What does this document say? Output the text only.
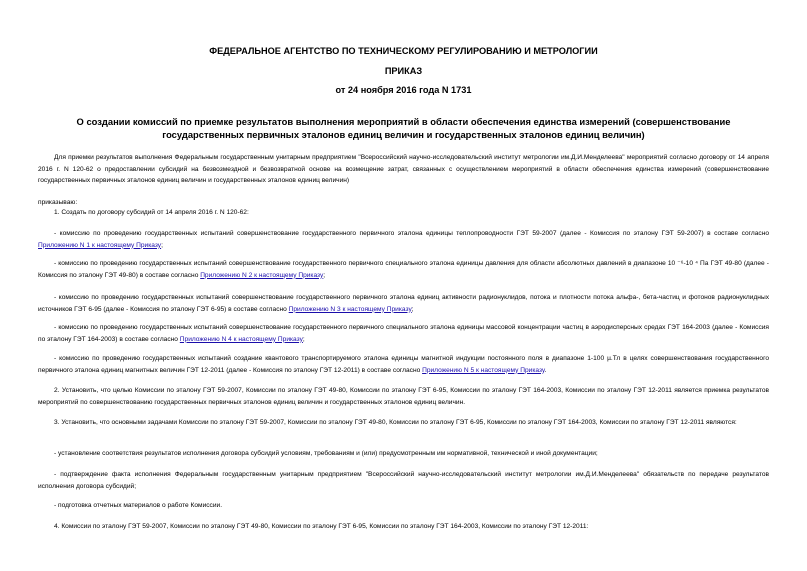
ФЕДЕРАЛЬНОЕ АГЕНТСТВО ПО ТЕХНИЧЕСКОМУ РЕГУЛИРОВАНИЮ И МЕТРОЛОГИИ
ПРИКАЗ
от 24 ноября 2016 года N 1731
О создании комиссий по приемке результатов выполнения мероприятий в области обеспечения единства измерений (совершенствование государственных первичных эталонов единиц величин и государственных эталонов единиц величин)
Для приемки результатов выполнения Федеральным государственным унитарным предприятием "Всероссийский научно-исследовательский институт метрологии им.Д.И.Менделеева" мероприятий согласно договору от 14 апреля 2016 г. N 120-62 о предоставлении субсидий на безвозмездной и безвозвратной основе на возмещение затрат, связанных с осуществлением мероприятий в области обеспечения единства измерений (совершенствование государственных первичных эталонов единиц величин и государственных эталонов единиц величин)
приказываю:
1. Создать по договору субсидий от 14 апреля 2016 г. N 120-62:
- комиссию по проведению государственных испытаний совершенствование государственного первичного эталона единицы теплопроводности ГЭТ 59-2007 (далее - Комиссия по эталону ГЭТ 59-2007) в составе согласно Приложению N 1 к настоящему Приказу;
- комиссию по проведению государственных испытаний совершенствование государственного первичного специального эталона единицы давления для области абсолютных давлений в диапазоне 10 ⁻⁶-10 ⁴ Па ГЭТ 49-80 (далее - Комиссия по эталону ГЭТ 49-80) в составе согласно Приложению N 2 к настоящему Приказу;
- комиссию по проведению государственных испытаний совершенствование государственного первичного эталона единиц активности радионуклидов, потока и плотности потока альфа-, бета-частиц и фотонов радионуклидных источников ГЭТ 6-95 (далее - Комиссия по эталону ГЭТ 6-95) в составе согласно Приложению N 3 к настоящему Приказу;
- комиссию по проведению государственных испытаний совершенствование государственного первичного специального эталона единицы массовой концентрации частиц в аэродисперсных средах ГЭТ 164-2003 (далее - Комиссия по эталону ГЭТ 164-2003) в составе согласно Приложению N 4 к настоящему Приказу;
- комиссию по проведению государственных испытаний создание квантового транспортируемого эталона единицы магнитной индукции постоянного поля в диапазоне 1-100 µ.Тл в целях совершенствования государственного первичного эталона единиц магнитных величин ГЭТ 12-2011 (далее - Комиссия по эталону ГЭТ 12-2011) в составе согласно Приложению N 5 к настоящему Приказу.
2. Установить, что целью Комиссии по эталону ГЭТ 59-2007, Комиссии по эталону ГЭТ 49-80, Комиссии по эталону ГЭТ 6-95, Комиссии по эталону ГЭТ 164-2003, Комиссии по эталону ГЭТ 12-2011 является приемка результатов мероприятий по совершенствованию государственных первичных эталонов единиц величин и государственных эталонов единиц величин.
3. Установить, что основными задачами Комиссии по эталону ГЭТ 59-2007, Комиссии по эталону ГЭТ 49-80, Комиссии по эталону ГЭТ 6-95, Комиссии по эталону ГЭТ 164-2003, Комиссии по эталону ГЭТ 12-2011 являются:
- установление соответствия результатов исполнения договора субсидий условиям, требованиям и (или) предусмотренным им нормативной, технической и иной документации;
- подтверждение факта исполнения Федеральным государственным унитарным предприятием "Всероссийский научно-исследовательский институт метрологии им.Д.И.Менделеева" обязательств по передаче результатов исполнения договора субсидий;
- подготовка отчетных материалов о работе Комиссии.
4. Комиссии по эталону ГЭТ 59-2007, Комиссии по эталону ГЭТ 49-80, Комиссии по эталону ГЭТ 6-95, Комиссии по эталону ГЭТ 164-2003, Комиссии по эталону ГЭТ 12-2011:
